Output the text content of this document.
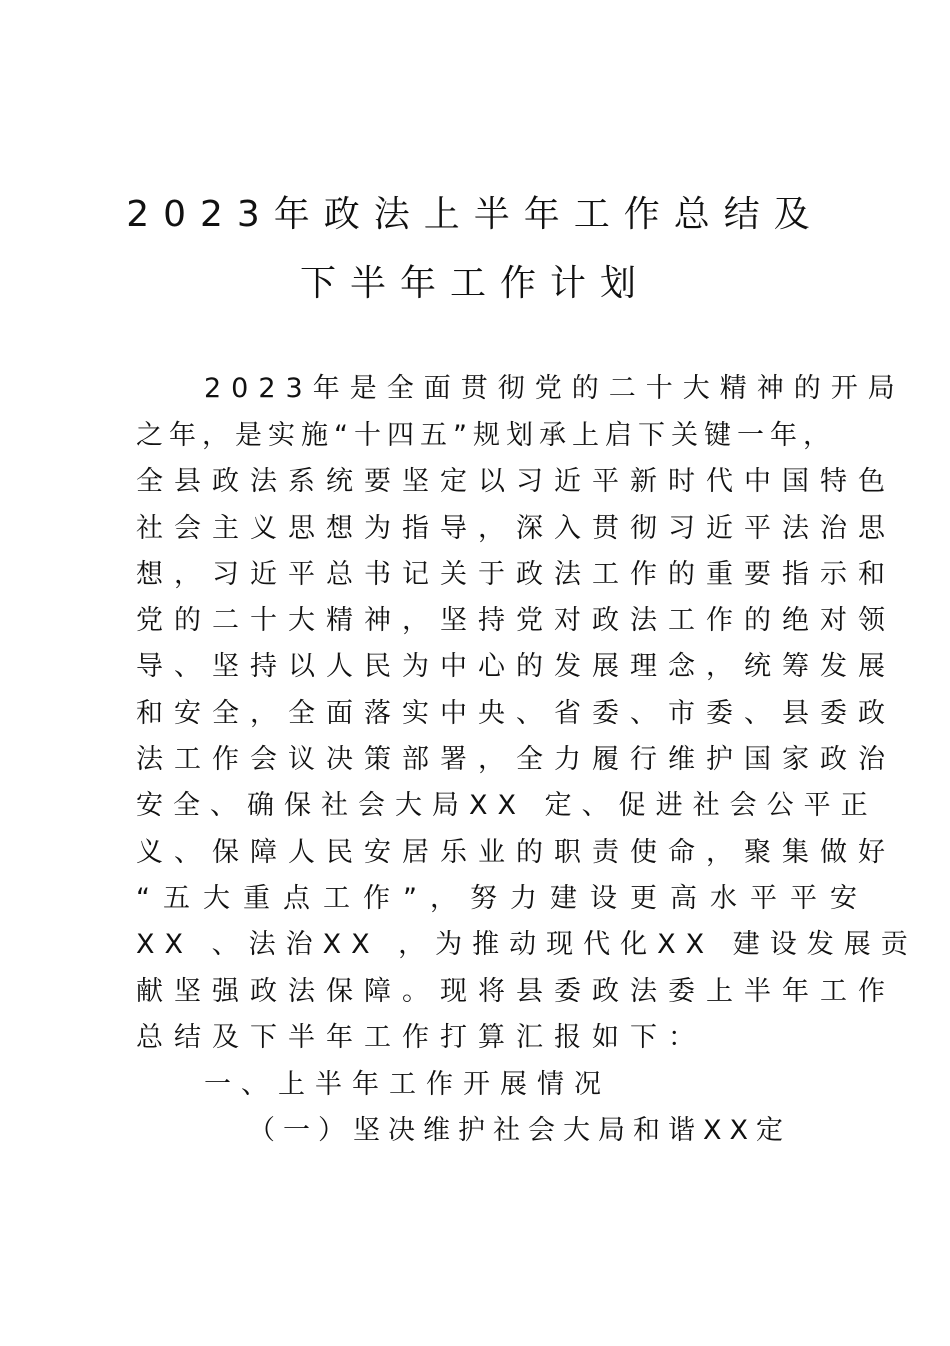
2023年政法上半年工作总结及
下半年工作计划
2023年是全面贯彻党的二十大精神的开局
之年，是实施“十四五”规划承上启下关键一年，
全县政法系统要坚定以习近平新时代中国特色
社会主义思想为指导，深入贯彻习近平法治思
想，习近平总书记关于政法工作的重要指示和
党的二十大精神，坚持党对政法工作的绝对领
导、坚持以人民为中心的发展理念，统筹发展
和安全，全面落实中央、省委、市委、县委政
法工作会议决策部署，全力履行维护国家政治
安全、确保社会大局XX 定、促进社会公平正
义、保障人民安居乐业的职责使命，聚集做好
“五大重点工作”，努力建设更高水平平安
XX 、法治XX ，为推动现代化XX 建设发展贡
献坚强政法保障。现将县委政法委上半年工作
总结及下半年工作打算汇报如下：
一、上半年工作开展情况
（一）坚决维护社会大局和谐XX定
